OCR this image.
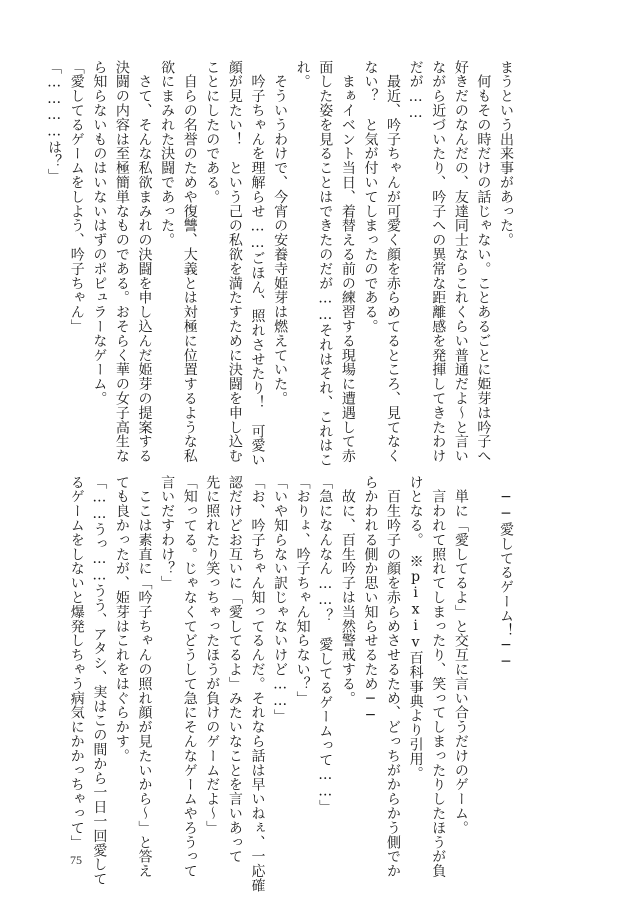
まうという出来事があった。
　何もその時だけの話じゃない。ことあるごとに姫芽は吟子へ
好きだのなんだの、友達同士ならこれくらい普通だよ〜と言い
ながら近づいたり、吟子への異常な距離感を発揮してきたわけ
だが……
　最近、吟子ちゃんが可愛く顔を赤らめてるところ、見てなく
ない？　と気が付いてしまったのである。
　まぁイベント当日、着替える前の練習する現場に遭遇して赤
面した姿を見ることはできたのだが……それはそれ、これはこ
れ。
　そういうわけで、今宵の安養寺姫芽は燃えていた。
　吟子ちゃんを理解らせ……ごほん、照れさせたり！　可愛い
顔が見たい！　という己の私欲を満たすために決闘を申し込む
ことにしたのである。
　自らの名誉のためや復讐、大義とは対極に位置するような私
欲にまみれた決闘であった。
　さて、そんな私欲まみれの決闘を申し込んだ姫芽の提案する
決闘の内容は至極簡単なものである。おそらく華の女子高生な
ら知らないものはいないはずのポピュラーなゲーム。
「愛してるゲームをしよう、吟子ちゃん」
「…………は？」
　──愛してるゲーム！──

　単に「愛してるよ」と交互に言い合うだけのゲーム。
　言われて照れてしまったり、笑ってしまったりしたほうが負
けとなる。　※pixiv百科事典より引用。
　百生吟子の顔を赤らめさせるため、どっちがからかう側でか
らかわれる側か思い知らせるため──
　故に、百生吟子は当然警戒する。
「急になんなん……？　愛してるゲームって……」
「おりょ、吟子ちゃん知らない？」
「いや知らない訳じゃないけど……」
「お、吟子ちゃん知ってるんだ。それなら話は早いねぇ、一応確
認だけどお互いに「愛してるよ」みたいなことを言いあって
先に照れたり笑っちゃったほうが負けのゲームだよ〜」
「知ってる。じゃなくてどうして急にそんなゲームやろうって
言いだすわけ？」
　ここは素直に「吟子ちゃんの照れ顔が見たいから〜」と答え
ても良かったが、姫芽はこれをはぐらかす。
「……うっ……うう、アタシ、実はこの間から一日一回愛して
るゲームをしないと爆発しちゃう病気にかかっちゃって」
75
